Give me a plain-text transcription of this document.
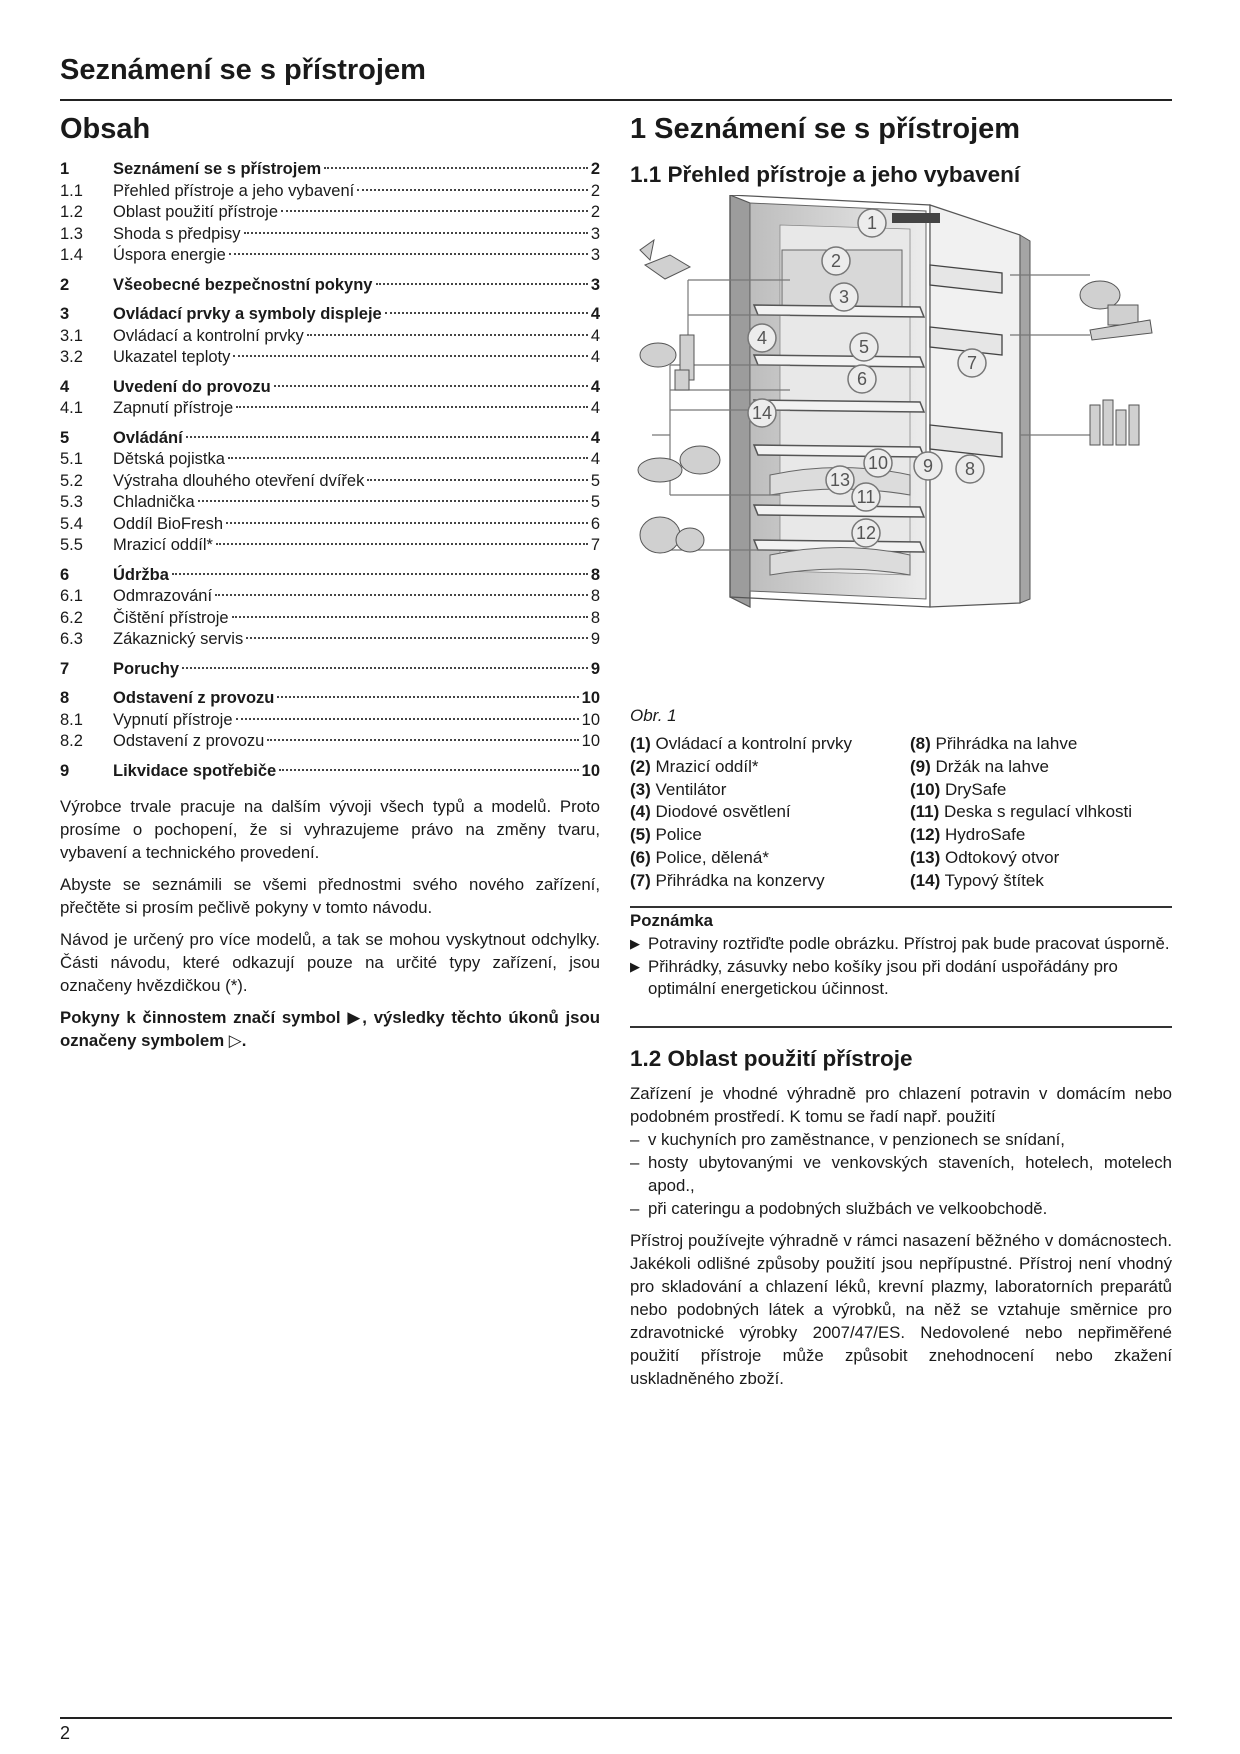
Seznámení se s přístrojem
Obsah
1	Seznámení se s přístrojem	2
1.1	Přehled přístroje a jeho vybavení	2
1.2	Oblast použití přístroje	2
1.3	Shoda s předpisy	3
1.4	Úspora energie	3
2	Všeobecné bezpečnostní pokyny	3
3	Ovládací prvky a symboly displeje	4
3.1	Ovládací a kontrolní prvky	4
3.2	Ukazatel teploty	4
4	Uvedení do provozu	4
4.1	Zapnutí přístroje	4
5	Ovládání	4
5.1	Dětská pojistka	4
5.2	Výstraha dlouhého otevření dvířek	5
5.3	Chladnička	5
5.4	Oddíl BioFresh	6
5.5	Mrazicí oddíl*	7
6	Údržba	8
6.1	Odmrazování	8
6.2	Čištění přístroje	8
6.3	Zákaznický servis	9
7	Poruchy	9
8	Odstavení z provozu	10
8.1	Vypnutí přístroje	10
8.2	Odstavení z provozu	10
9	Likvidace spotřebiče	10

Výrobce trvale pracuje na dalším vývoji všech typů a modelů. Proto prosíme o pochopení, že si vyhrazujeme právo na změny tvaru, vybavení a technického provedení.

Abyste se seznámili se všemi přednostmi svého nového zařízení, přečtěte si prosím pečlivě pokyny v tomto návodu.

Návod je určený pro více modelů, a tak se mohou vyskytnout odchylky. Části návodu, které odkazují pouze na určité typy zařízení, jsou označeny hvězdičkou (*).

Pokyny k činnostem značí symbol ▶, výsledky těchto úkonů jsou označeny symbolem ▷.

1 Seznámení se s přístrojem
1.1 Přehled přístroje a jeho vybavení
1
2
3
4	5
6
7
8
9
10
11
12
13
14
Obr. 1
(1) Ovládací a kontrolní prvky
(2) Mrazicí oddíl*
(3) Ventilátor
(4) Diodové osvětlení
(5) Police
(6) Police, dělená*
(7) Přihrádka na konzervy
(8) Přihrádka na lahve
(9) Držák na lahve
(10) DrySafe
(11) Deska s regulací vlhkosti
(12) HydroSafe
(13) Odtokový otvor
(14) Typový štítek
Poznámka
▶ Potraviny roztřiďte podle obrázku. Přístroj pak bude pracovat úsporně.
▶ Přihrádky, zásuvky nebo košíky jsou při dodání uspořádány pro optimální energetickou účinnost.
1.2 Oblast použití přístroje

Zařízení je vhodné výhradně pro chlazení potravin v domácím nebo podobném prostředí. K tomu se řadí např. použití

– v kuchyních pro zaměstnance, v penzionech se snídaní,
– hosty ubytovanými ve venkovských staveních, hotelech, motelech apod.,
– při cateringu a podobných službách ve velkoobchodě.

Přístroj používejte výhradně v rámci nasazení běžného v domácnostech. Jakékoli odlišné způsoby použití jsou nepřípustné. Přístroj není vhodný pro skladování a chlazení léků, krevní plazmy, laboratorních preparátů nebo podobných látek a výrobků, na něž se vztahuje směrnice pro zdravotnické výrobky 2007/47/ES. Nedovolené nebo nepřiměřené použití přístroje může způsobit znehodnocení nebo zkažení uskladněného zboží.

2
